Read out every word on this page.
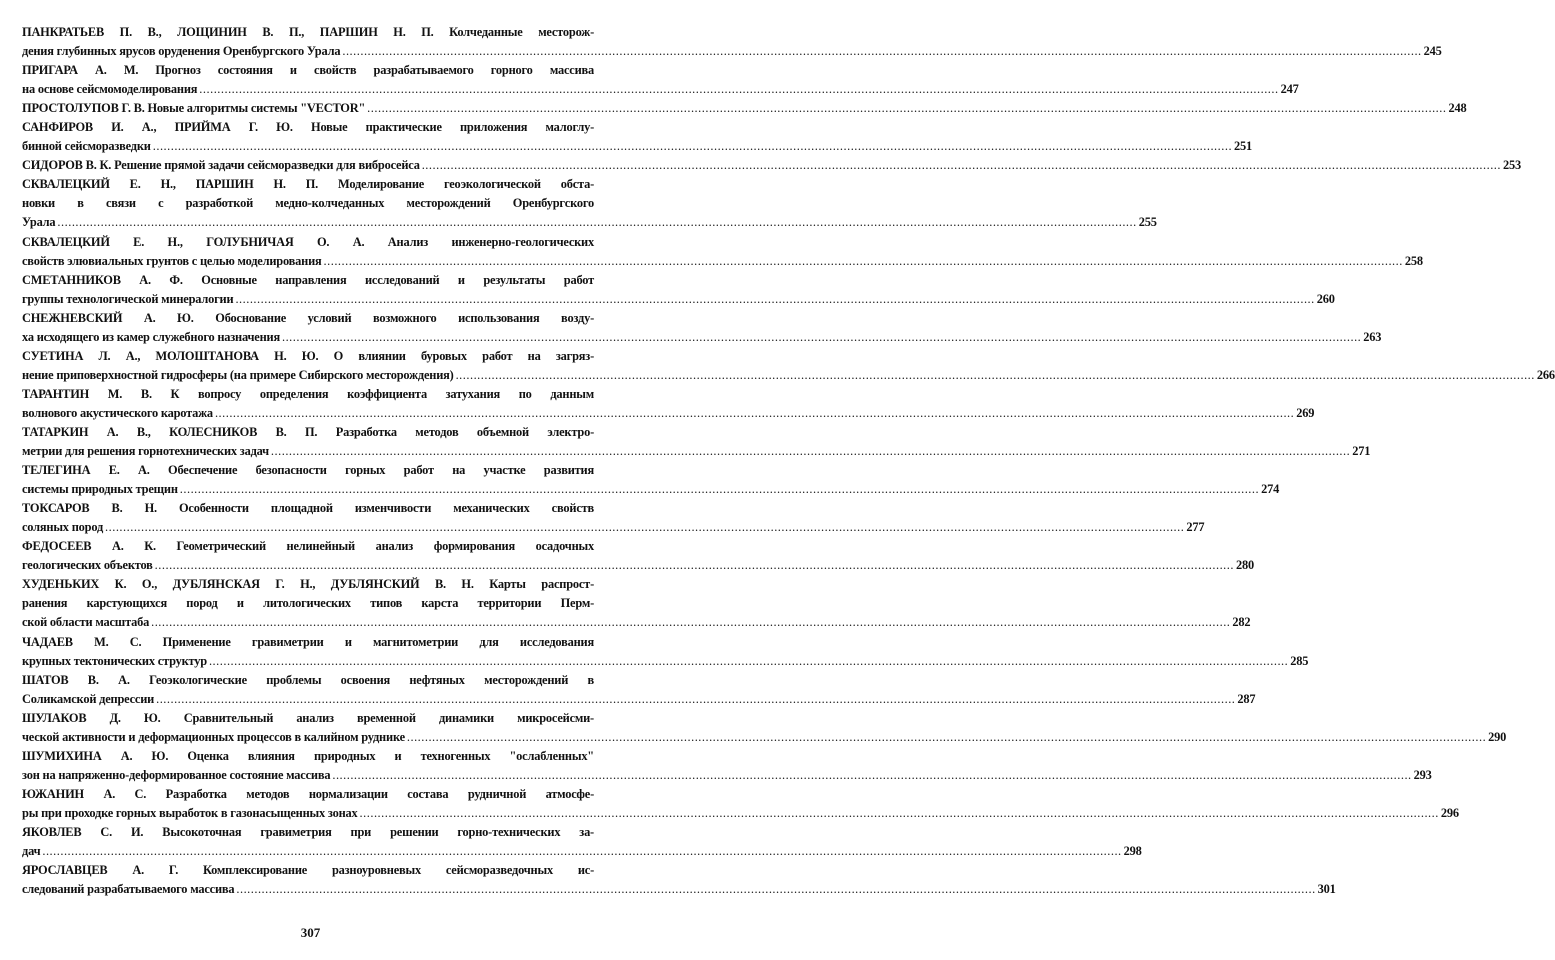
ПАНКРАТЬЕВ П. В., ЛОЩИНИН В. П., ПАРШИН Н. П. Колчеданные месторож-
дения глубинных ярусов оруденения Оренбургского Урала ............................................................................................................................................................................................................................................................................................................ 245
ПРИГАРА А. М. Прогноз состояния и свойств разрабатываемого горного массива
на основе сейсмомоделирования ............................................................................................................................................................................................................................................................................................................ 247
ПРОСТОЛУПОВ Г. В. Новые алгоритмы системы "VECTOR" ............................................................................................................................................................................................................................................................................................................ 248
САНФИРОВ И. А., ПРИЙМА Г. Ю. Новые практические приложения малоглу-
бинной сейсморазведки ............................................................................................................................................................................................................................................................................................................ 251
СИДОРОВ В. К. Решение прямой задачи сейсморазведки для вибросейса ............................................................................................................................................................................................................................................................................................................ 253
СКВАЛЕЦКИЙ Е. Н., ПАРШИН Н. П. Моделирование геоэкологической обста-
новки в связи с разработкой медно-колчеданных месторождений Оренбургского
Урала ............................................................................................................................................................................................................................................................................................................ 255
СКВАЛЕЦКИЙ Е. Н., ГОЛУБНИЧАЯ О. А. Анализ инженерно-геологических
свойств элювиальных грунтов с целью моделирования ............................................................................................................................................................................................................................................................................................................ 258
СМЕТАННИКОВ А. Ф. Основные направления исследований и результаты работ
группы технологической минералогии ............................................................................................................................................................................................................................................................................................................ 260
СНЕЖНЕВСКИЙ А. Ю. Обоснование условий возможного использования возду-
ха исходящего из камер служебного назначения ............................................................................................................................................................................................................................................................................................................ 263
СУЕТИНА Л. А., МОЛОШТАНОВА Н. Ю. О влиянии буровых работ на загряз-
нение приповерхностной гидросферы (на примере Сибирского месторождения) ............................................................................................................................................................................................................................................................................................................ 266
ТАРАНТИН М. В. К вопросу определения коэффициента затухания по данным
волнового акустического каротажа ............................................................................................................................................................................................................................................................................................................ 269
ТАТАРКИН А. В., КОЛЕСНИКОВ В. П. Разработка методов объемной электро-
метрии для решения горнотехнических задач ............................................................................................................................................................................................................................................................................................................ 271
ТЕЛЕГИНА Е. А. Обеспечение безопасности горных работ на участке развития
системы природных трещин ............................................................................................................................................................................................................................................................................................................ 274
ТОКСАРОВ В. Н. Особенности площадной изменчивости механических свойств
соляных пород ............................................................................................................................................................................................................................................................................................................ 277
ФЕДОСЕЕВ А. К. Геометрический нелинейный анализ формирования осадочных
геологических объектов ............................................................................................................................................................................................................................................................................................................ 280
ХУДЕНЬКИХ К. О., ДУБЛЯНСКАЯ Г. Н., ДУБЛЯНСКИЙ В. Н. Карты распрост-
ранения карстующихся пород и литологических типов карста территории Перм-
ской области масштаба ............................................................................................................................................................................................................................................................................................................ 282
ЧАДАЕВ М. С. Применение гравиметрии и магнитометрии для исследования
крупных тектонических структур ............................................................................................................................................................................................................................................................................................................ 285
ШАТОВ В. А. Геоэкологические проблемы освоения нефтяных месторождений в
Соликамской депрессии ............................................................................................................................................................................................................................................................................................................ 287
ШУЛАКОВ Д. Ю. Сравнительный анализ временной динамики микросейсми-
ческой активности и деформационных процессов в калийном руднике ............................................................................................................................................................................................................................................................................................................ 290
ШУМИХИНА А. Ю. Оценка влияния природных и техногенных "ослабленных"
зон на напряженно-деформированное состояние массива ............................................................................................................................................................................................................................................................................................................ 293
ЮЖАНИН А. С. Разработка методов нормализации состава рудничной атмосфе-
ры при проходке горных выработок в газонасыщенных зонах ............................................................................................................................................................................................................................................................................................................ 296
ЯКОВЛЕВ С. И. Высокоточная гравиметрия при решении горно-технических за-
дач ............................................................................................................................................................................................................................................................................................................ 298
ЯРОСЛАВЦЕВ А. Г. Комплексирование разноуровневых сейсморазведочных ис-
следований разрабатываемого массива ............................................................................................................................................................................................................................................................................................................ 301
307
